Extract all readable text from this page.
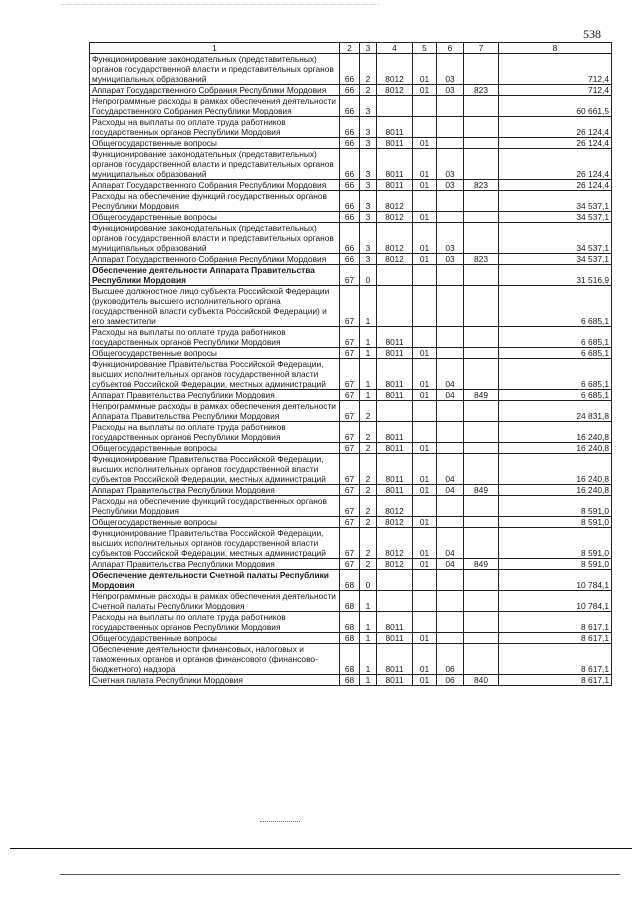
538
1	2	3	4	5	6	7	8
Функционирование законодательных (представительных) органов государственной власти и представительных органов муниципальных образований	66	2	8012	01	03		712,4
Аппарат Государственного Собрания Республики Мордовия	66	2	8012	01	03	823	712,4
Непрограммные расходы в рамках обеспечения деятельности Государственного Собрания Республики Мордовия	66	3					60 661,5
Расходы на выплаты по оплате труда работников государственных органов Республики Мордовия	66	3	8011				26 124,4
Общегосударственные вопросы	66	3	8011	01			26 124,4
Функционирование законодательных (представительных) органов государственной власти и представительных органов муниципальных образований	66	3	8011	01	03		26 124,4
Аппарат Государственного Собрания Республики Мордовия	66	3	8011	01	03	823	26 124,4
Расходы на обеспечение функций государственных органов Республики Мордовия	66	3	8012				34 537,1
Общегосударственные вопросы	66	3	8012	01			34 537,1
Функционирование законодательных (представительных) органов государственной власти и представительных органов муниципальных образований	66	3	8012	01	03		34 537,1
Аппарат Государственного Собрания Республики Мордовия	66	3	8012	01	03	823	34 537,1
Обеспечение деятельности Аппарата Правительства Республики Мордовия	67	0					31 516,9
Высшее должностное лицо субъекта Российской Федерации (руководитель высшего исполнительного органа государственной власти субъекта Российской Федерации) и его заместители	67	1					6 685,1
Расходы на выплаты по оплате труда работников государственных органов Республики Мордовия	67	1	8011				6 685,1
Общегосударственные вопросы	67	1	8011	01			6 685,1
Функционирование Правительства Российской Федерации, высших исполнительных органов государственной власти субъектов Российской Федерации, местных администраций	67	1	8011	01	04		6 685,1
Аппарат Правительства Республики Мордовия	67	1	8011	01	04	849	6 685,1
Непрограммные расходы в рамках обеспечения деятельности Аппарата Правительства Республики Мордовия	67	2					24 831,8
Расходы на выплаты по оплате труда работников государственных органов Республики Мордовия	67	2	8011				16 240,8
Общегосударственные вопросы	67	2	8011	01			16 240,8
Функционирование Правительства Российской Федерации, высших исполнительных органов государственной власти субъектов Российской Федерации, местных администраций	67	2	8011	01	04		16 240,8
Аппарат Правительства Республики Мордовия	67	2	8011	01	04	849	16 240,8
Расходы на обеспечение функций государственных органов Республики Мордовия	67	2	8012				8 591,0
Общегосударственные вопросы	67	2	8012	01			8 591,0
Функционирование Правительства Российской Федерации, высших исполнительных органов государственной власти субъектов Российской Федерации, местных администраций	67	2	8012	01	04		8 591,0
Аппарат Правительства Республики Мордовия	67	2	8012	01	04	849	8 591,0
Обеспечение деятельности Счетной палаты Республики Мордовия	68	0					10 784,1
Непрограммные расходы в рамках обеспечения деятельности Счетной палаты Республики Мордовия	68	1					10 784,1
Расходы на выплаты по оплате труда работников государственных органов Республики Мордовия	68	1	8011				8 617,1
Общегосударственные вопросы	68	1	8011	01			8 617,1
Обеспечение деятельности финансовых, налоговых и таможенных органов и органов финансового (финансово-бюджетного) надзора	68	1	8011	01	06		8 617,1
Счетная палата Республики Мордовия	68	1	8011	01	06	840	8 617,1
